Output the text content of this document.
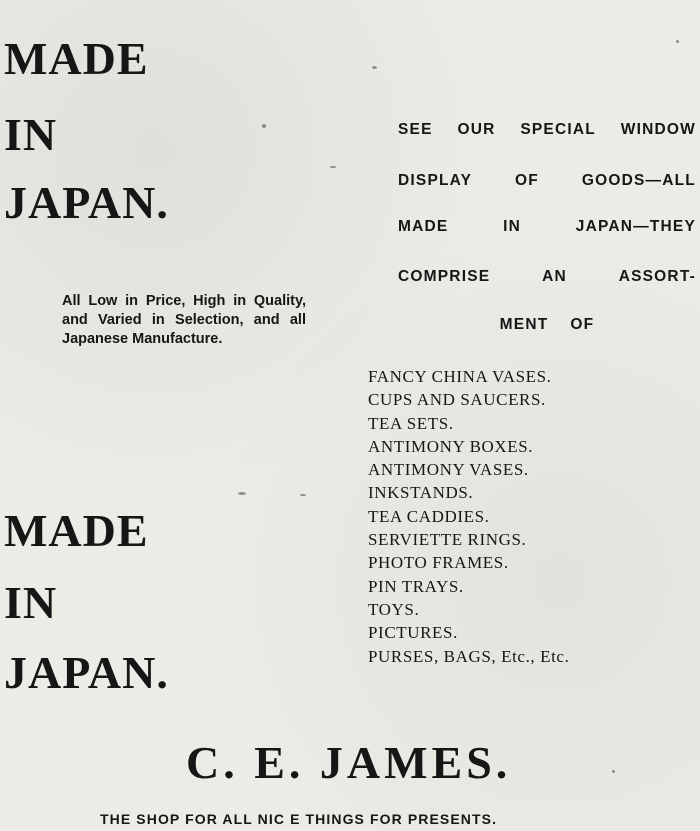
MADE
IN
JAPAN.

All Low in Price, High in Quality, and Varied in Selection, and all Japanese Manufacture.

MADE
IN
JAPAN.
SEE OUR SPECIAL WINDOW
DISPLAY	OF	GOODS—ALL
MADE	IN	JAPAN—THEY
COMPRISE	AN	ASSORT-
MENT OF
FANCY CHINA VASES.
CUPS AND SAUCERS.
TEA SETS.
ANTIMONY BOXES.
ANTIMONY VASES.
INKSTANDS.
TEA CADDIES.
SERVIETTE RINGS.
PHOTO FRAMES.
PIN TRAYS.
TOYS.
PICTURES.
PURSES, BAGS, Etc., Etc.
C. E. JAMES.

THE SHOP FOR ALL NIC E THINGS FOR PRESENTS.
